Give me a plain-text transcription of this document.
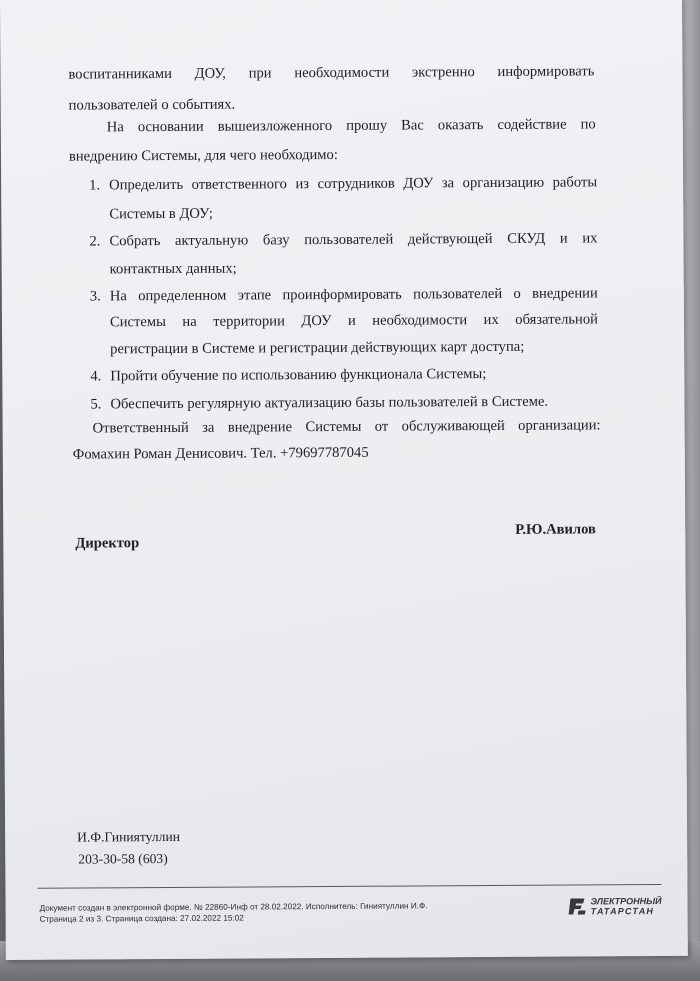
воспитанниками ДОУ, при необходимости экстренно информировать
пользователей о событиях.
На основании вышеизложенного прошу Вас оказать содействие по
внедрению Системы, для чего необходимо:
1. Определить ответственного из сотрудников ДОУ за организацию работы
Системы в ДОУ;
2. Собрать актуальную базу пользователей действующей СКУД и их
контактных данных;
3. На определенном этапе проинформировать пользователей о внедрении
Системы на территории ДОУ и необходимости их обязательной
регистрации в Системе и регистрации действующих карт доступа;
4. Пройти обучение по использованию функционала Системы;
5. Обеспечить регулярную актуализацию базы пользователей в Системе.
Ответственный за внедрение Системы от обслуживающей организации:
Фомахин Роман Денисович. Тел. +79697787045
Директор
Р.Ю.Авилов
И.Ф.Гиниятуллин
203-30-58 (603)
Документ создан в электронной форме. № 22860-Инф от 28.02.2022. Исполнитель: Гиниятуллин И.Ф.
Страница 2 из 3. Страница создана: 27.02.2022 15:02
ЭЛЕКТРОННЫЙ
ТАТАРСТАН
